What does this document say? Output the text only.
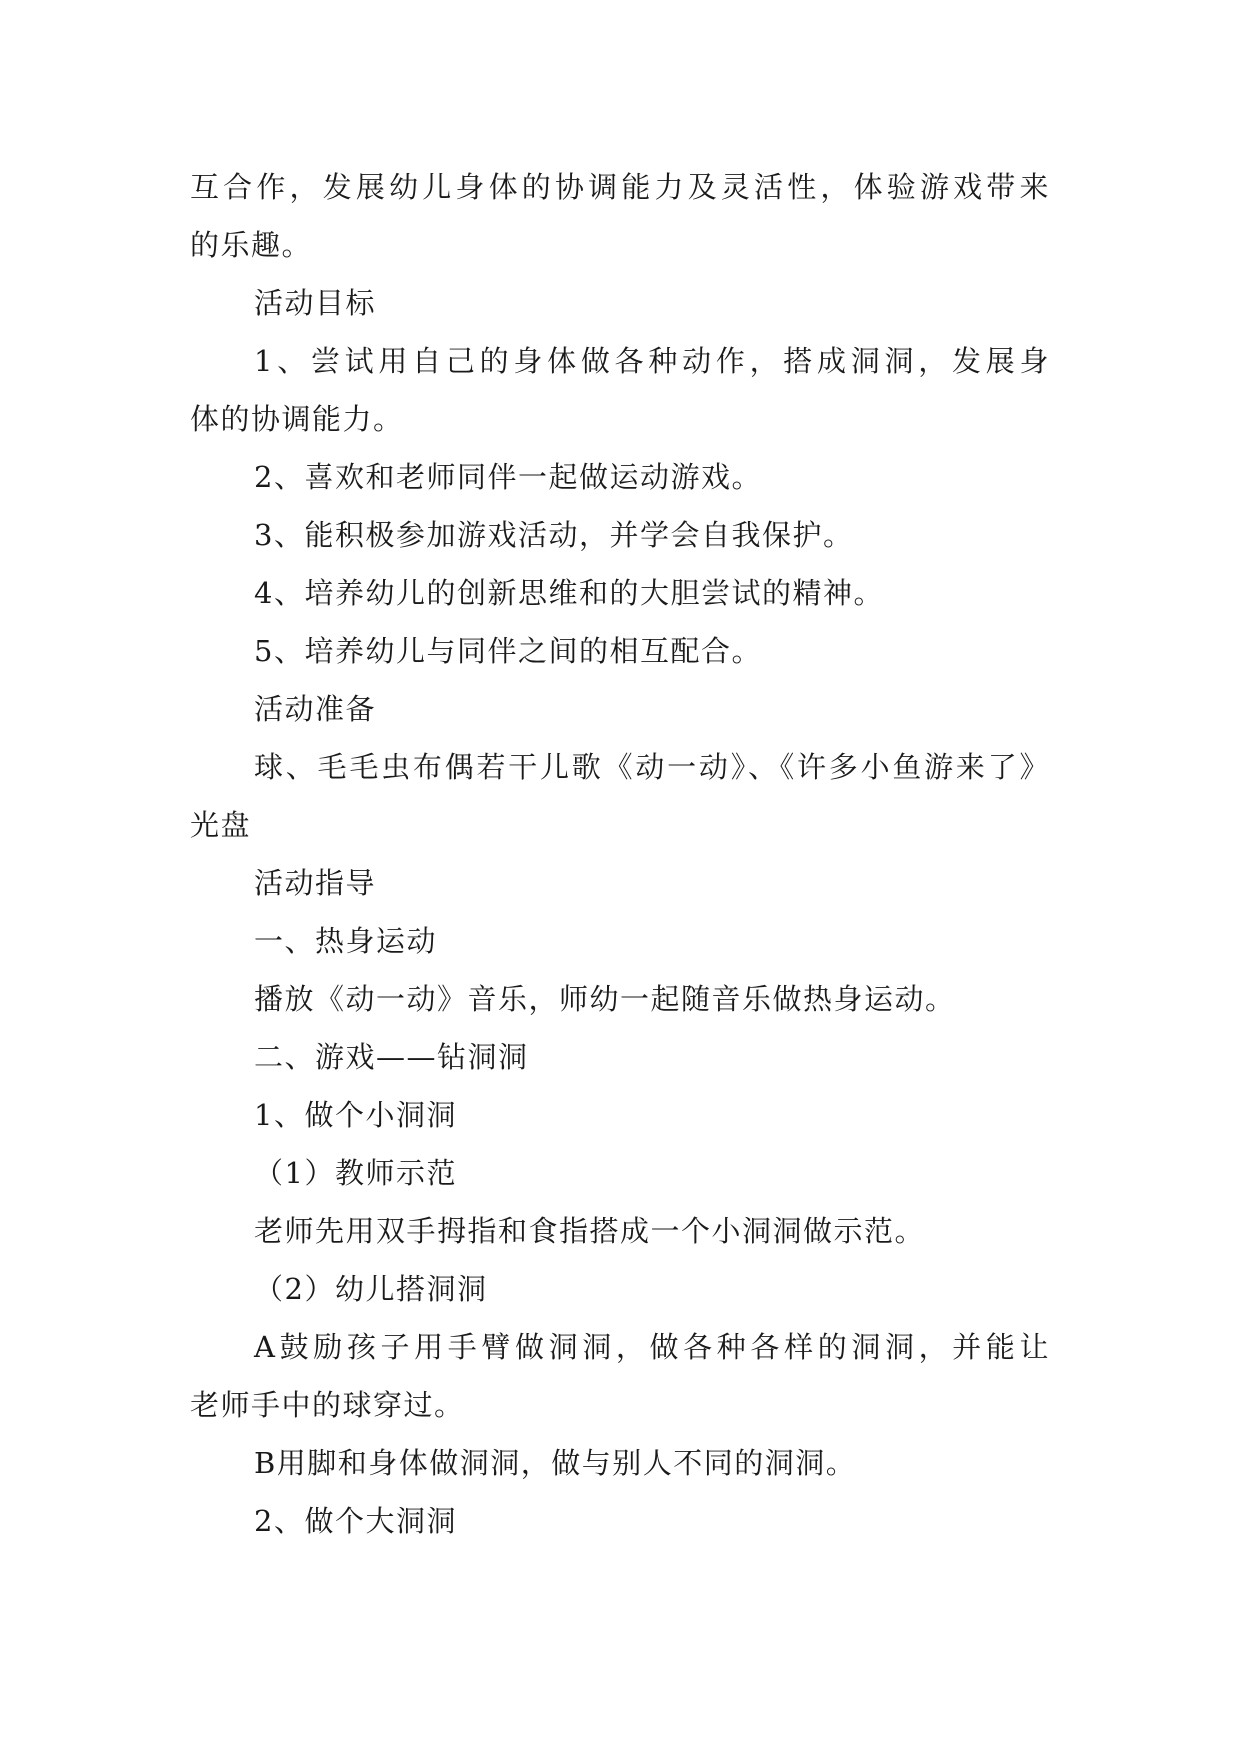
互合作，发展幼儿身体的协调能力及灵活性，体验游戏带来
的乐趣。
活动目标
1、尝试用自己的身体做各种动作，搭成洞洞，发展身
体的协调能力。
2、喜欢和老师同伴一起做运动游戏。
3、能积极参加游戏活动，并学会自我保护。
4、培养幼儿的创新思维和的大胆尝试的精神。
5、培养幼儿与同伴之间的相互配合。
活动准备
球、毛毛虫布偶若干儿歌《动一动》、《许多小鱼游来了》
光盘
活动指导
一、热身运动
播放《动一动》音乐，师幼一起随音乐做热身运动。
二、游戏——钻洞洞
1、做个小洞洞
（1）教师示范
老师先用双手拇指和食指搭成一个小洞洞做示范。
（2）幼儿搭洞洞
A鼓励孩子用手臂做洞洞，做各种各样的洞洞，并能让
老师手中的球穿过。
B用脚和身体做洞洞，做与别人不同的洞洞。
2、做个大洞洞
